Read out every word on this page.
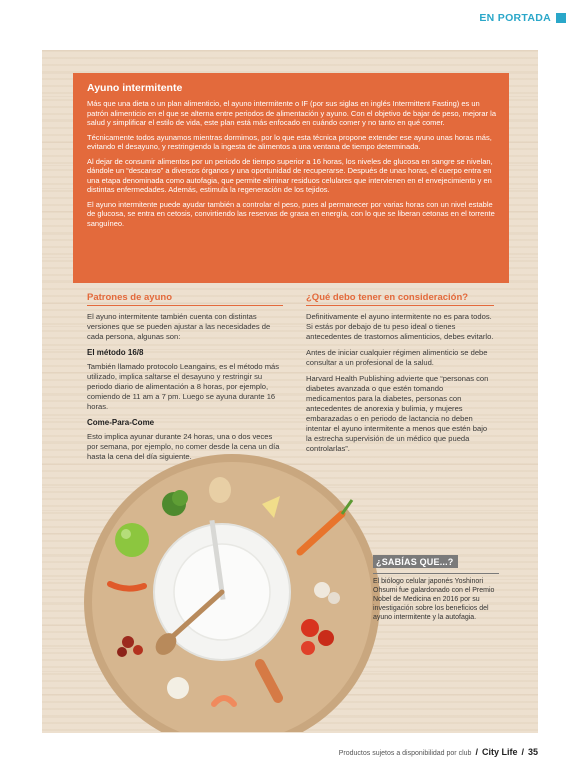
EN PORTADA
Ayuno intermitente

Más que una dieta o un plan alimenticio, el ayuno intermitente o IF (por sus siglas en inglés Intermittent Fasting) es un patrón alimenticio en el que se alterna entre periodos de alimentación y ayuno. Con el objetivo de bajar de peso, mejorar la salud y simplificar el estilo de vida, este plan está más enfocado en cuándo comer y no tanto en qué comer.

Técnicamente todos ayunamos mientras dormimos, por lo que esta técnica propone extender ese ayuno unas horas más, evitando el desayuno, y restringiendo la ingesta de alimentos a una ventana de tiempo determinada.

Al dejar de consumir alimentos por un periodo de tiempo superior a 16 horas, los niveles de glucosa en sangre se nivelan, dándole un “descanso” a diversos órganos y una oportunidad de recuperarse. Después de unas horas, el cuerpo entra en una etapa denominada como autofagia, que permite eliminar residuos celulares que intervienen en el envejecimiento y en distintas enfermedades. Además, estimula la regeneración de los tejidos.

El ayuno intermitente puede ayudar también a controlar el peso, pues al permanecer por varias horas con un nivel estable de glucosa, se entra en cetosis, convirtiendo las reservas de grasa en energía, con lo que se liberan cetonas en el torrente sanguíneo.

Patrones de ayuno

El ayuno intermitente también cuenta con distintas versiones que se pueden ajustar a las necesidades de cada persona, algunas son:

El método 16/8

También llamado protocolo Leangains, es el método más utilizado, implica saltarse el desayuno y restringir su periodo diario de alimentación a 8 horas, por ejemplo, comiendo de 11 am a 7 pm. Luego se ayuna durante 16 horas.

Come-Para-Come

Esto implica ayunar durante 24 horas, una o dos veces por semana, por ejemplo, no comer desde la cena un día hasta la cena del día siguiente.

¿Qué debo tener en consideración?

Definitivamente el ayuno intermitente no es para todos. Si estás por debajo de tu peso ideal o tienes antecedentes de trastornos alimenticios, debes evitarlo.

Antes de iniciar cualquier régimen alimenticio se debe consultar a un profesional de la salud.

Harvard Health Publishing advierte que “personas con diabetes avanzada o que estén tomando medicamentos para la diabetes, personas con antecedentes de anorexia y bulimia, y mujeres embarazadas o en periodo de lactancia no deben intentar el ayuno intermitente a menos que estén bajo la estrecha supervisión de un médico que pueda controlarlas”.

¿SABÍAS QUE...?

El biólogo celular japonés Yoshinori Ohsumi fue galardonado con el Premio Nobel de Medicina en 2016 por su investigación sobre los beneficios del ayuno intermitente y la autofagia.

Productos sujetos a disponibilidad por club / City Life / 35
